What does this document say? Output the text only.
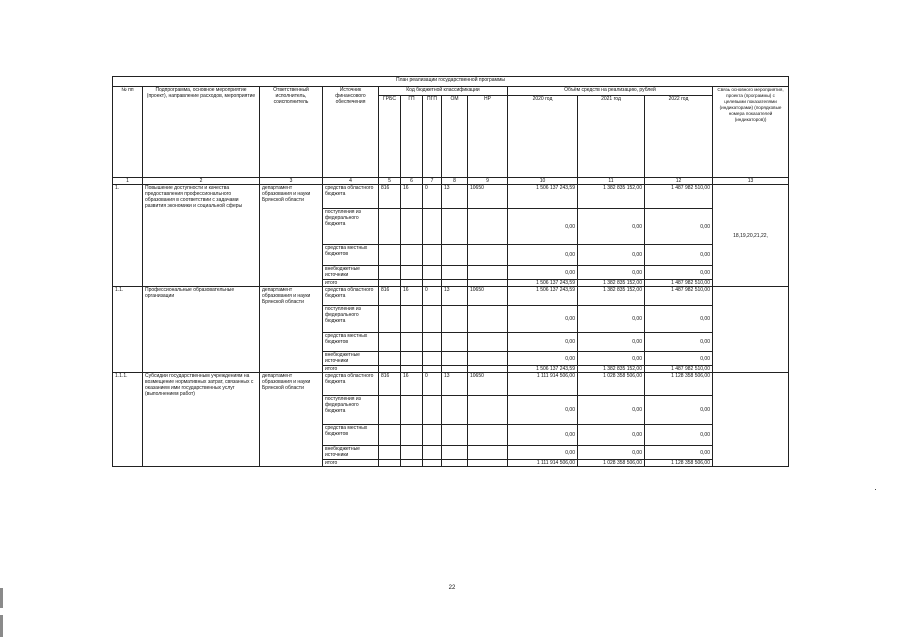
План реализации государственной программы												
№ пп	Подпрограмма, основное мероприятие (проект), направление расходов, мероприятие	Ответственный исполнитель, соисполнитель	Источник финансового обеспечения	Код бюджетной классификации					Объём средств на реализацию, рублей			Связь основного мероприятия, проекта (программы) с целевыми показателями (индикаторами) (порядковые номера показателей (индикаторов))
				ГРБС	ГП	ПГП	ОМ	НР	2020 год	2021 год	2022 год	
1	2	3	4	5	6	7	8	9	10	11	12	13
1.	Повышение доступности и качества предоставления профессионального образования в соответствии с задачами развития экономики и социальной сферы	департамент образования и науки Брянской области	средства областного бюджета	816	16	0	13	10650	1 506 137 243,59	1 382 835 152,00	1 487 982 510,00	18,19,20,21,22,
			поступления из федерального бюджета						0,00	0,00	0,00	
			средства местных бюджетов						0,00	0,00	0,00	
			внебюджетные источники						0,00	0,00	0,00	
			итого						1 506 137 243,59	1 382 835 152,00	1 487 982 510,00	
1.1.	Профессиональные образовательные организации	департамент образования и науки Брянской области	средства областного бюджета	816	16	0	13	10650	1 506 137 243,59	1 382 835 152,00	1 487 982 510,00	
			поступления из федерального бюджета						0,00	0,00	0,00	
			средства местных бюджетов						0,00	0,00	0,00	
			внебюджетные источники						0,00	0,00	0,00	
			итого						1 506 137 243,59	1 382 835 152,00	1 487 982 510,00	
1.1.1.	Субсидии государственным учреждениям на возмещение нормативных затрат, связанных с оказанием ими государственных услуг (выполнением работ)	департамент образования и науки Брянской области	средства областного бюджета	816	16	0	13	10650	1 111 914 506,00	1 028 358 506,00	1 128 358 506,00	
			поступления из федерального бюджета						0,00	0,00	0,00	
			средства местных бюджетов						0,00	0,00	0,00	
			внебюджетные источники						0,00	0,00	0,00	
			итого						1 111 914 506,00	1 028 358 506,00	1 128 358 506,00	
22
